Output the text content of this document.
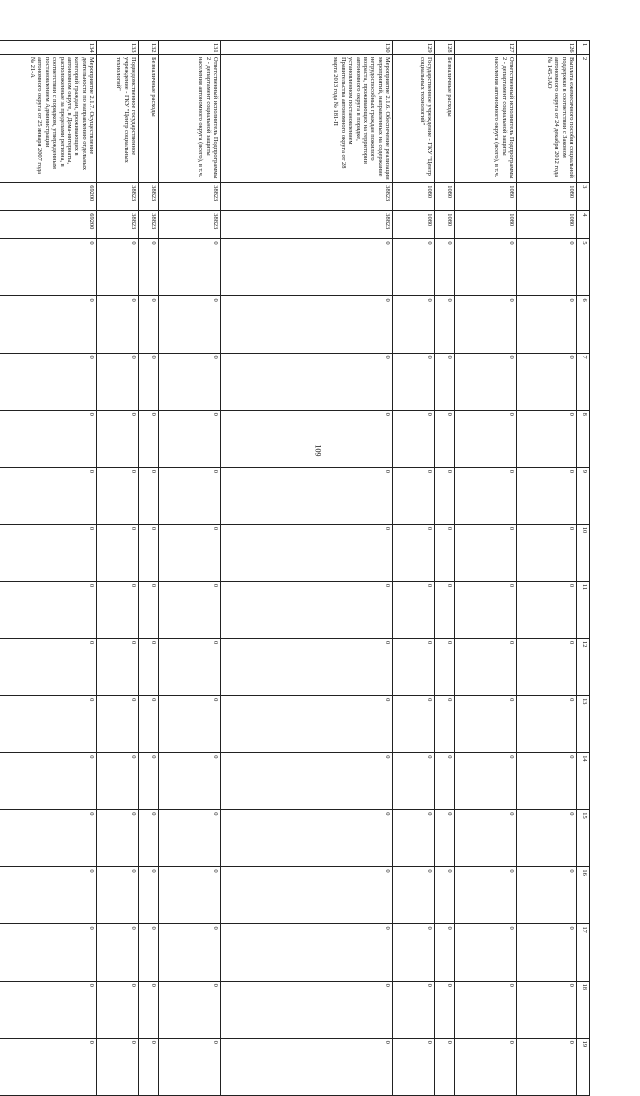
109
1	2	3	4	5	6	7	8	9	10	11	12	13	14	15	16	17	18	19
126	Выплата ежемесячного пособия социальной поддержки в соответствии с Законом автономного округа от 24 декабря 2012 года № 145-ЗАО	1080	1080	0	0	0	0	0	0	0	0	0	0	0	0	0	0	0
127	Ответственный исполнитель Подпрограммы 2 - департамент социальной защиты населения автономного округа (всего), в т.ч.	1080	1080	0	0	0	0	0	0	0	0	0	0	0	0	0	0	0
128	Безналичные расходы	1080	1080	0	0	0	0	0	0	0	0	0	0	0	0	0	0	0
129	Государственное учреждение - ГКУ "Центр социальных технологий"	1080	1080	0	0	0	0	0	0	0	0	0	0	0	0	0	0	0
130	Мероприятие 2.1.6. Обеспечение реализации мероприятий, направленных на содержание нетрудоспособных граждан пожилого возраста, проживающих на территории автономного округа в порядке, установленном постановлением Правительства автономного округа от 28 марта 2013 года № 181-П	38823	38823	0	0	0	0	0	0	0	0	0	0	0	0	0	0	0
131	Ответственный исполнитель Подпрограммы 2 - департамент социальной защиты населения автономного округа (всего), в т.ч.	38823	38823	0	0	0	0	0	0	0	0	0	0	0	0	0	0	0
132	Безналичные расходы	38823	38823	0	0	0	0	0	0	0	0	0	0	0	0	0	0	0
133	Подведомственное государственное учреждение - ГКУ "Центр социальных технологий"	38823	38823	0	0	0	0	0	0	0	0	0	0	0	0	0	0	0
134	Мероприятие 2.1.7. Осуществление деятельности по направлению отдельных категорий граждан, проживающих в автономном округе, в Дома-интернаты, расположенные за пределами региона, в соответствии с порядком, утвержденным постановлением Администрации автономного округа от 25 января 2007 года № 21-А	69200	69200	0	0	0	0	0	0	0	0	0	0	0	0	0	0	0
